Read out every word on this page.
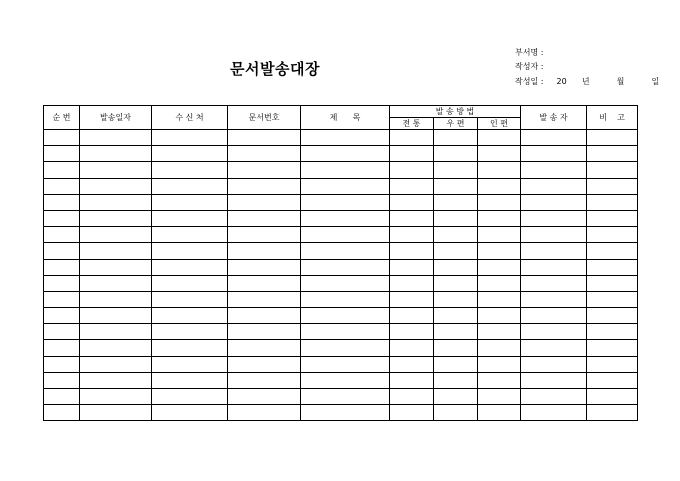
문서발송대장
부서명 :
작성자 :
작성일 : 20 년	월	일
순 번	발송일자	수 신 처	문서번호	제      목	발 송 방 법			발 송 자	비    고
					전 통	우 편	인 편		
